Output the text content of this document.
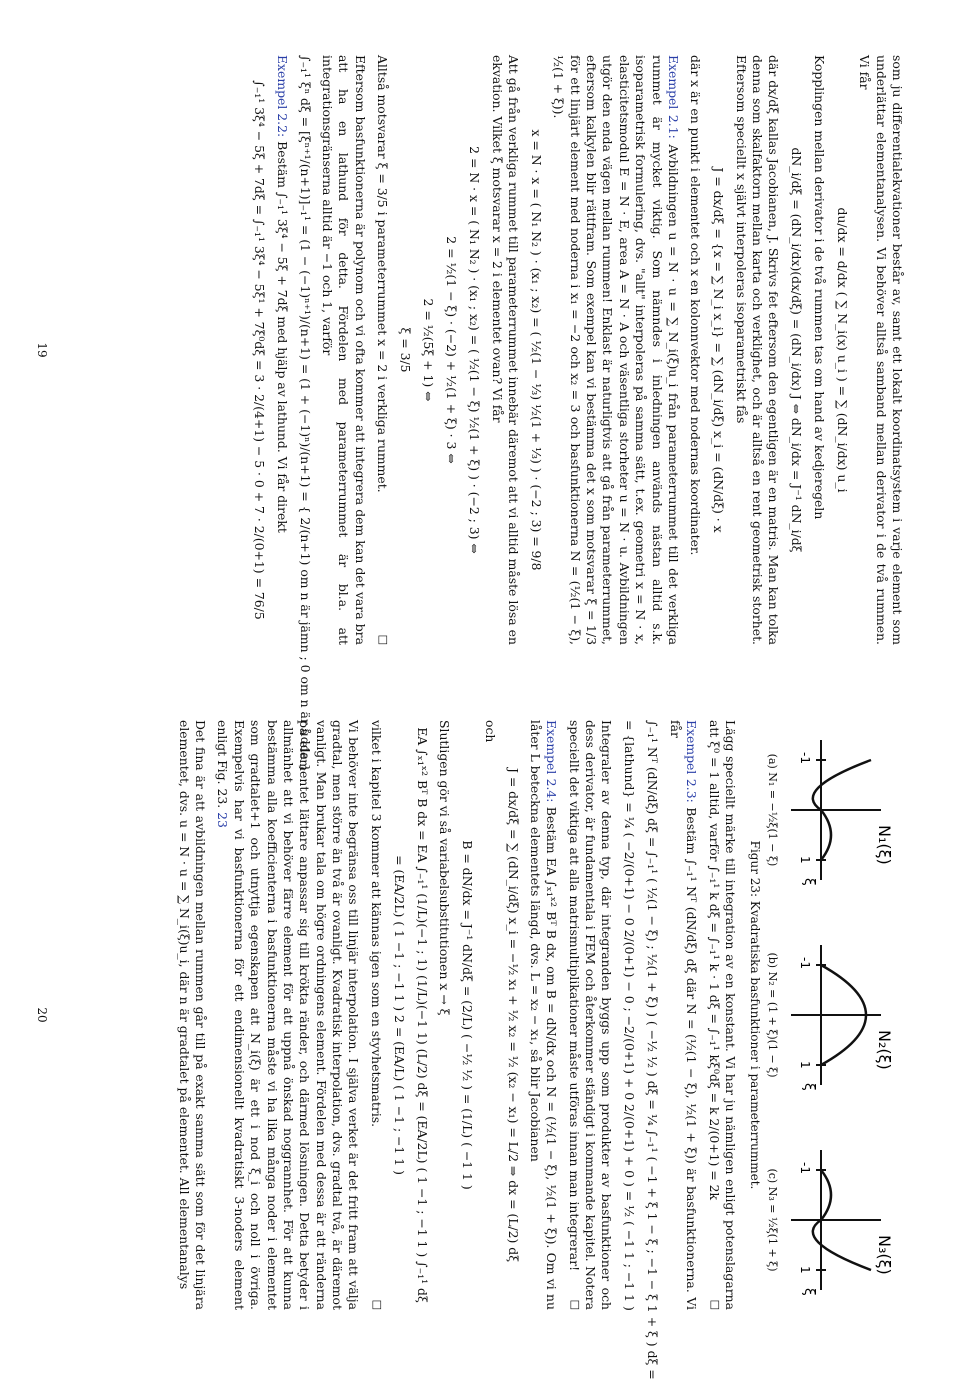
som ju differentialekvationer består av, samt ett lokalt koordinatsystem i varje element som underlättar elementanalysen. Vi behöver alltså samband mellan derivator i de två rummen. Vi får

du/dx = d/dx ( ∑ N_i(x) u_i ) = ∑ (dN_i/dx) u_i

Kopplingen mellan derivator i de två rummen tas om hand av kedjeregeln

dN_i/dξ = (dN_i/dx)(dx/dξ) = (dN_i/dx) J ⇔ dN_i/dx = J⁻¹ dN_i/dξ

där dx/dξ kallas Jacobianen, J. Skrivs fet eftersom den egentligen är en matris. Man kan tolka denna som skalfaktorn mellan karta och verklighet, och är alltså en rent geometrisk storhet. Eftersom speciellt x självt interpoleras isoparametriskt fås

J = dx/dξ = {x = ∑ N_i x_i} = ∑ (dN_i/dξ) x_i = (dN/dξ) · x

där x är en punkt i elementet och x en kolonnvektor med nodernas koordinater.

Exempel 2.1: Avbildningen u = N · u = ∑ N_i(ξ)u_i från parameterrummet till det verkliga rummet är mycket viktig. Som nämndes i inledningen används nästan alltid s.k. isoparametrisk formulering, dvs. "allt" interpoleras på samma sätt, t.ex. geometri x = N · x, elasticitetsmodul E = N · E, area A = N · A och väsentliga storheter u = N · u. Avbildningen utgör den enda vägen mellan rummen! Enklast är naturligtvis att gå från parameterrummet, eftersom kalkylen blir rättfram. Som exempel kan vi bestämma det x som motsvarar ξ = 1/3 för ett linjärt element med noderna i x₁ = −2 och x₂ = 3 och basfunktionerna N = (½(1 − ξ), ½(1 + ξ)).

x = N · x = ( N₁ N₂ ) · (x₁ ; x₂) = ( ½(1 − ⅓) ½(1 + ⅓) ) · (−2 ; 3) = 9/8

Att gå från verkliga rummet till parameterrummet innebär däremot att vi alltid måste lösa en ekvation. Vilket ξ motsvarar x = 2 i elementet ovan? Vi får

2 = N · x = ( N₁ N₂ ) · (x₁ ; x₂) = ( ½(1 − ξ) ½(1 + ξ) ) · (−2 ; 3) ⇔
2 = ½(1 − ξ) · (−2) + ½(1 + ξ) · 3 ⇔
2 = ½(5ξ + 1) ⇔
ξ = 3/5

Alltså motsvarar ξ = 3/5 i parameterrummet x = 2 i verkliga rummet.
□

Eftersom basfunktionerna är polynom och vi ofta kommer att integrera dem kan det vara bra att ha en lathund för detta. Fördelen med parameterrummet är bl.a. att integrationsgränserna alltid är −1 och 1, varför

∫₋₁¹ ξⁿ dξ = [ξⁿ⁺¹/(n+1)]₋₁¹ = (1 − (−1)ⁿ⁺¹)/(n+1) = (1 + (−1)ⁿ)/(n+1) = { 2/(n+1) om n är jämn ; 0 om n är udda }

Exempel 2.2: Bestäm ∫₋₁¹ 3ξ⁴ − 5ξ + 7dξ med hjälp av lathund. Vi får direkt

∫₋₁¹ 3ξ⁴ − 5ξ + 7dξ = ∫₋₁¹ 3ξ⁴ − 5ξ¹ + 7ξ⁰dξ = 3 · 2/(4+1) − 5 · 0 + 7 · 2/(0+1) = 76/5
19
N₁(ξ)
-1
1
ξ
(a) N₁ = −½ξ(1 − ξ)
N₂(ξ)
-1
1
ξ
(b) N₂ = (1 + ξ)(1 − ξ)
N₃(ξ)
-1
1
ξ
(c) N₃ = ½ξ(1 + ξ)
Figur 23: Kvadratiska basfunktioner i parameterrummet.

Lägg speciellt märke till integration av en konstant. Vi har ju nämligen enligt potenslagarna att ξ⁰ = 1 alltid, varför ∫₋₁¹ k dξ = ∫₋₁¹ k · 1 dξ = ∫₋₁¹ kξ⁰dξ = k 2/(0+1) = 2k
□

Exempel 2.3: Bestäm ∫₋₁¹ Nᵀ (dN/dξ) dξ där N = (½(1 − ξ), ½(1 + ξ)) är basfunktionerna. Vi får

∫₋₁¹ Nᵀ (dN/dξ) dξ = ∫₋₁¹ ( ½(1 − ξ) ; ½(1 + ξ) ) ( −½ ½ ) dξ = ¼ ∫₋₁¹ ( −1 + ξ 1 − ξ ; −1 − ξ 1 + ξ ) dξ =
= {lathund} = ¼ ( −2/(0+1) − 0 2/(0+1) − 0 ; −2/(0+1) + 0 2/(0+1) + 0 ) = ½ ( −1 1 ; −1 1 )

Integraler av denna typ, där integranden byggs upp som produkter av basfunktioner och dess derivator, är fundamentala i FEM och återkommer ständigt i kommande kapitel. Notera speciellt det viktiga att alla matrismultiplikationer måste utföras innan man integrerar!
□

Exempel 2.4: Bestäm EA ∫ₓ₁ˣ² Bᵀ B dx, om B = dN/dx och N = (½(1 − ξ), ½(1 + ξ)). Om vi nu låter L beteckna elementets längd, dvs. L = x₂ − x₁, så blir Jacobianen

J = dx/dξ = ∑ (dN_i/dξ) x_i = −½ x₁ + ½ x₂ = ½ (x₂ − x₁) = L/2 ⇒ dx = (L/2) dξ

och

B = dN/dx = J⁻¹ dN/dξ = (2/L) ( −½ ½ ) = (1/L) ( −1 1 )

Slutligen gör vi så variabelsubstitutionen x → ξ

EA ∫ₓ₁ˣ² Bᵀ B dx = EA ∫₋₁¹ (1/L)(−1 ; 1) (1/L)(−1 1) (L/2) dξ = (EA/2L) ( 1 −1 ; −1 1 ) ∫₋₁¹ dξ
= (EA/2L) ( 1 −1 ; −1 1 ) 2 = (EA/L) ( 1 −1 ; −1 1 )

vilket i kapitel 3 kommer att kännas igen som en styvhetsmatris.
□

Vi behöver inte begränsa oss till linjär interpolation. I själva verket är det fritt fram att välja gradtal, men större än två är ovanligt. Kvadratisk interpolation, dvs. gradtal två, är däremot vanligt. Man brukar tala om högre ordningens element. Fördelen med dessa är att ränderna på elementet lättare anpassar sig till krökta ränder, och därmed lösningen. Detta betyder i allmänhet att vi behöver färre element för att uppnå önskad noggrannhet. För att kunna bestämma alla koefficienterna i basfunktionerna måste vi ha lika många noder i elementet som gradtalet+1 och utnyttja egenskapen att N_i(ξ) är ett i nod ξ_i och noll i övriga. Exempelvis har vi basfunktionerna för ett endimensionellt kvadratiskt 3-noders element enligt Fig. 23. 23

Det fina är att avbildningen mellan rummen går till på exakt samma sätt som för det linjära elementet, dvs. u = N · u = ∑ N_i(ξ)u_i, där n är gradtalet på elementet. All elementanalys

20
